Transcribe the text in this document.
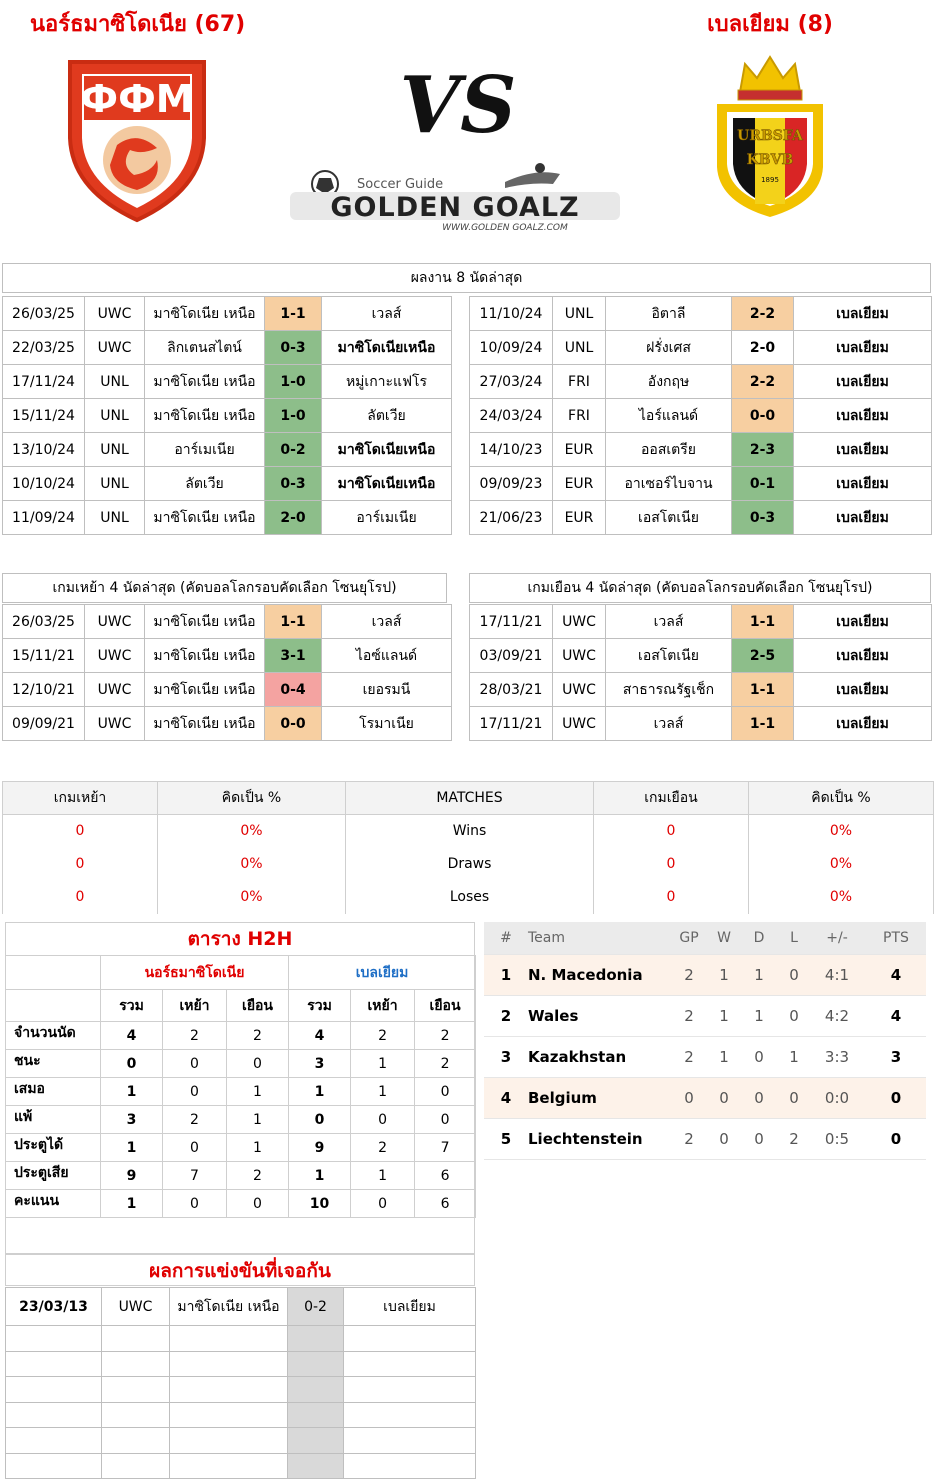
นอร์ธมาซิโดเนีย (67)	เบลเยียม (8)
ФФМ	VS
Soccer Guide
GOLDEN GOALZ
WWW.GOLDEN GOALZ.COM
URBSFA
KBVB
1895
ผลงาน 8 นัดล่าสุด
26/03/25	UWC	มาซิโดเนีย เหนือ	1-1	เวลส์		11/10/24	UNL	อิตาลี	2-2	เบลเยียม
22/03/25	UWC	ลิกเตนสไตน์	0-3	มาซิโดเนียเหนือ		10/09/24	UNL	ฝรั่งเศส	2-0	เบลเยียม
17/11/24	UNL	มาซิโดเนีย เหนือ	1-0	หมู่เกาะแฟโร		27/03/24	FRI	อังกฤษ	2-2	เบลเยียม
15/11/24	UNL	มาซิโดเนีย เหนือ	1-0	ลัตเวีย		24/03/24	FRI	ไอร์แลนด์	0-0	เบลเยียม
13/10/24	UNL	อาร์เมเนีย	0-2	มาซิโดเนียเหนือ		14/10/23	EUR	ออสเตรีย	2-3	เบลเยียม
10/10/24	UNL	ลัตเวีย	0-3	มาซิโดเนียเหนือ		09/09/23	EUR	อาเซอร์ไบจาน	0-1	เบลเยียม
11/09/24	UNL	มาซิโดเนีย เหนือ	2-0	อาร์เมเนีย		21/06/23	EUR	เอสโตเนีย	0-3	เบลเยียม
เกมเหย้า 4 นัดล่าสุด (คัดบอลโลกรอบคัดเลือก โซนยุโรป)	เกมเยือน 4 นัดล่าสุด (คัดบอลโลกรอบคัดเลือก โซนยุโรป)
26/03/25	UWC	มาซิโดเนีย เหนือ	1-1	เวลส์		17/11/21	UWC	เวลส์	1-1	เบลเยียม
15/11/21	UWC	มาซิโดเนีย เหนือ	3-1	ไอซ์แลนด์		03/09/21	UWC	เอสโตเนีย	2-5	เบลเยียม
12/10/21	UWC	มาซิโดเนีย เหนือ	0-4	เยอรมนี		28/03/21	UWC	สาธารณรัฐเช็ก	1-1	เบลเยียม
09/09/21	UWC	มาซิโดเนีย เหนือ	0-0	โรมาเนีย		17/11/21	UWC	เวลส์	1-1	เบลเยียม
เกมเหย้า	คิดเป็น %	MATCHES	เกมเยือน	คิดเป็น %
0	0%	Wins	0	0%
0	0%	Draws	0	0%
0	0%	Loses	0	0%
ตาราง H2H
	นอร์ธมาซิโดเนีย			เบลเยียม		
	รวม	เหย้า	เยือน	รวม	เหย้า	เยือน
จำนวนนัด	4	2	2	4	2	2
ชนะ	0	0	0	3	1	2
เสมอ	1	0	1	1	1	0
แพ้	3	2	1	0	0	0
ประตูได้	1	0	1	9	2	7
ประตูเสีย	9	7	2	1	1	6
คะแนน	1	0	0	10	0	6
ผลการแข่งขันที่เจอกัน
23/03/13	UWC	มาซิโดเนีย เหนือ	0-2	เบลเยียม

#	Team	GP	W	D	L	+/-	PTS
1	N. Macedonia	2	1	1	0	4:1	4
2	Wales	2	1	1	0	4:2	4
3	Kazakhstan	2	1	0	1	3:3	3
4	Belgium	0	0	0	0	0:0	0
5	Liechtenstein	2	0	0	2	0:5	0
